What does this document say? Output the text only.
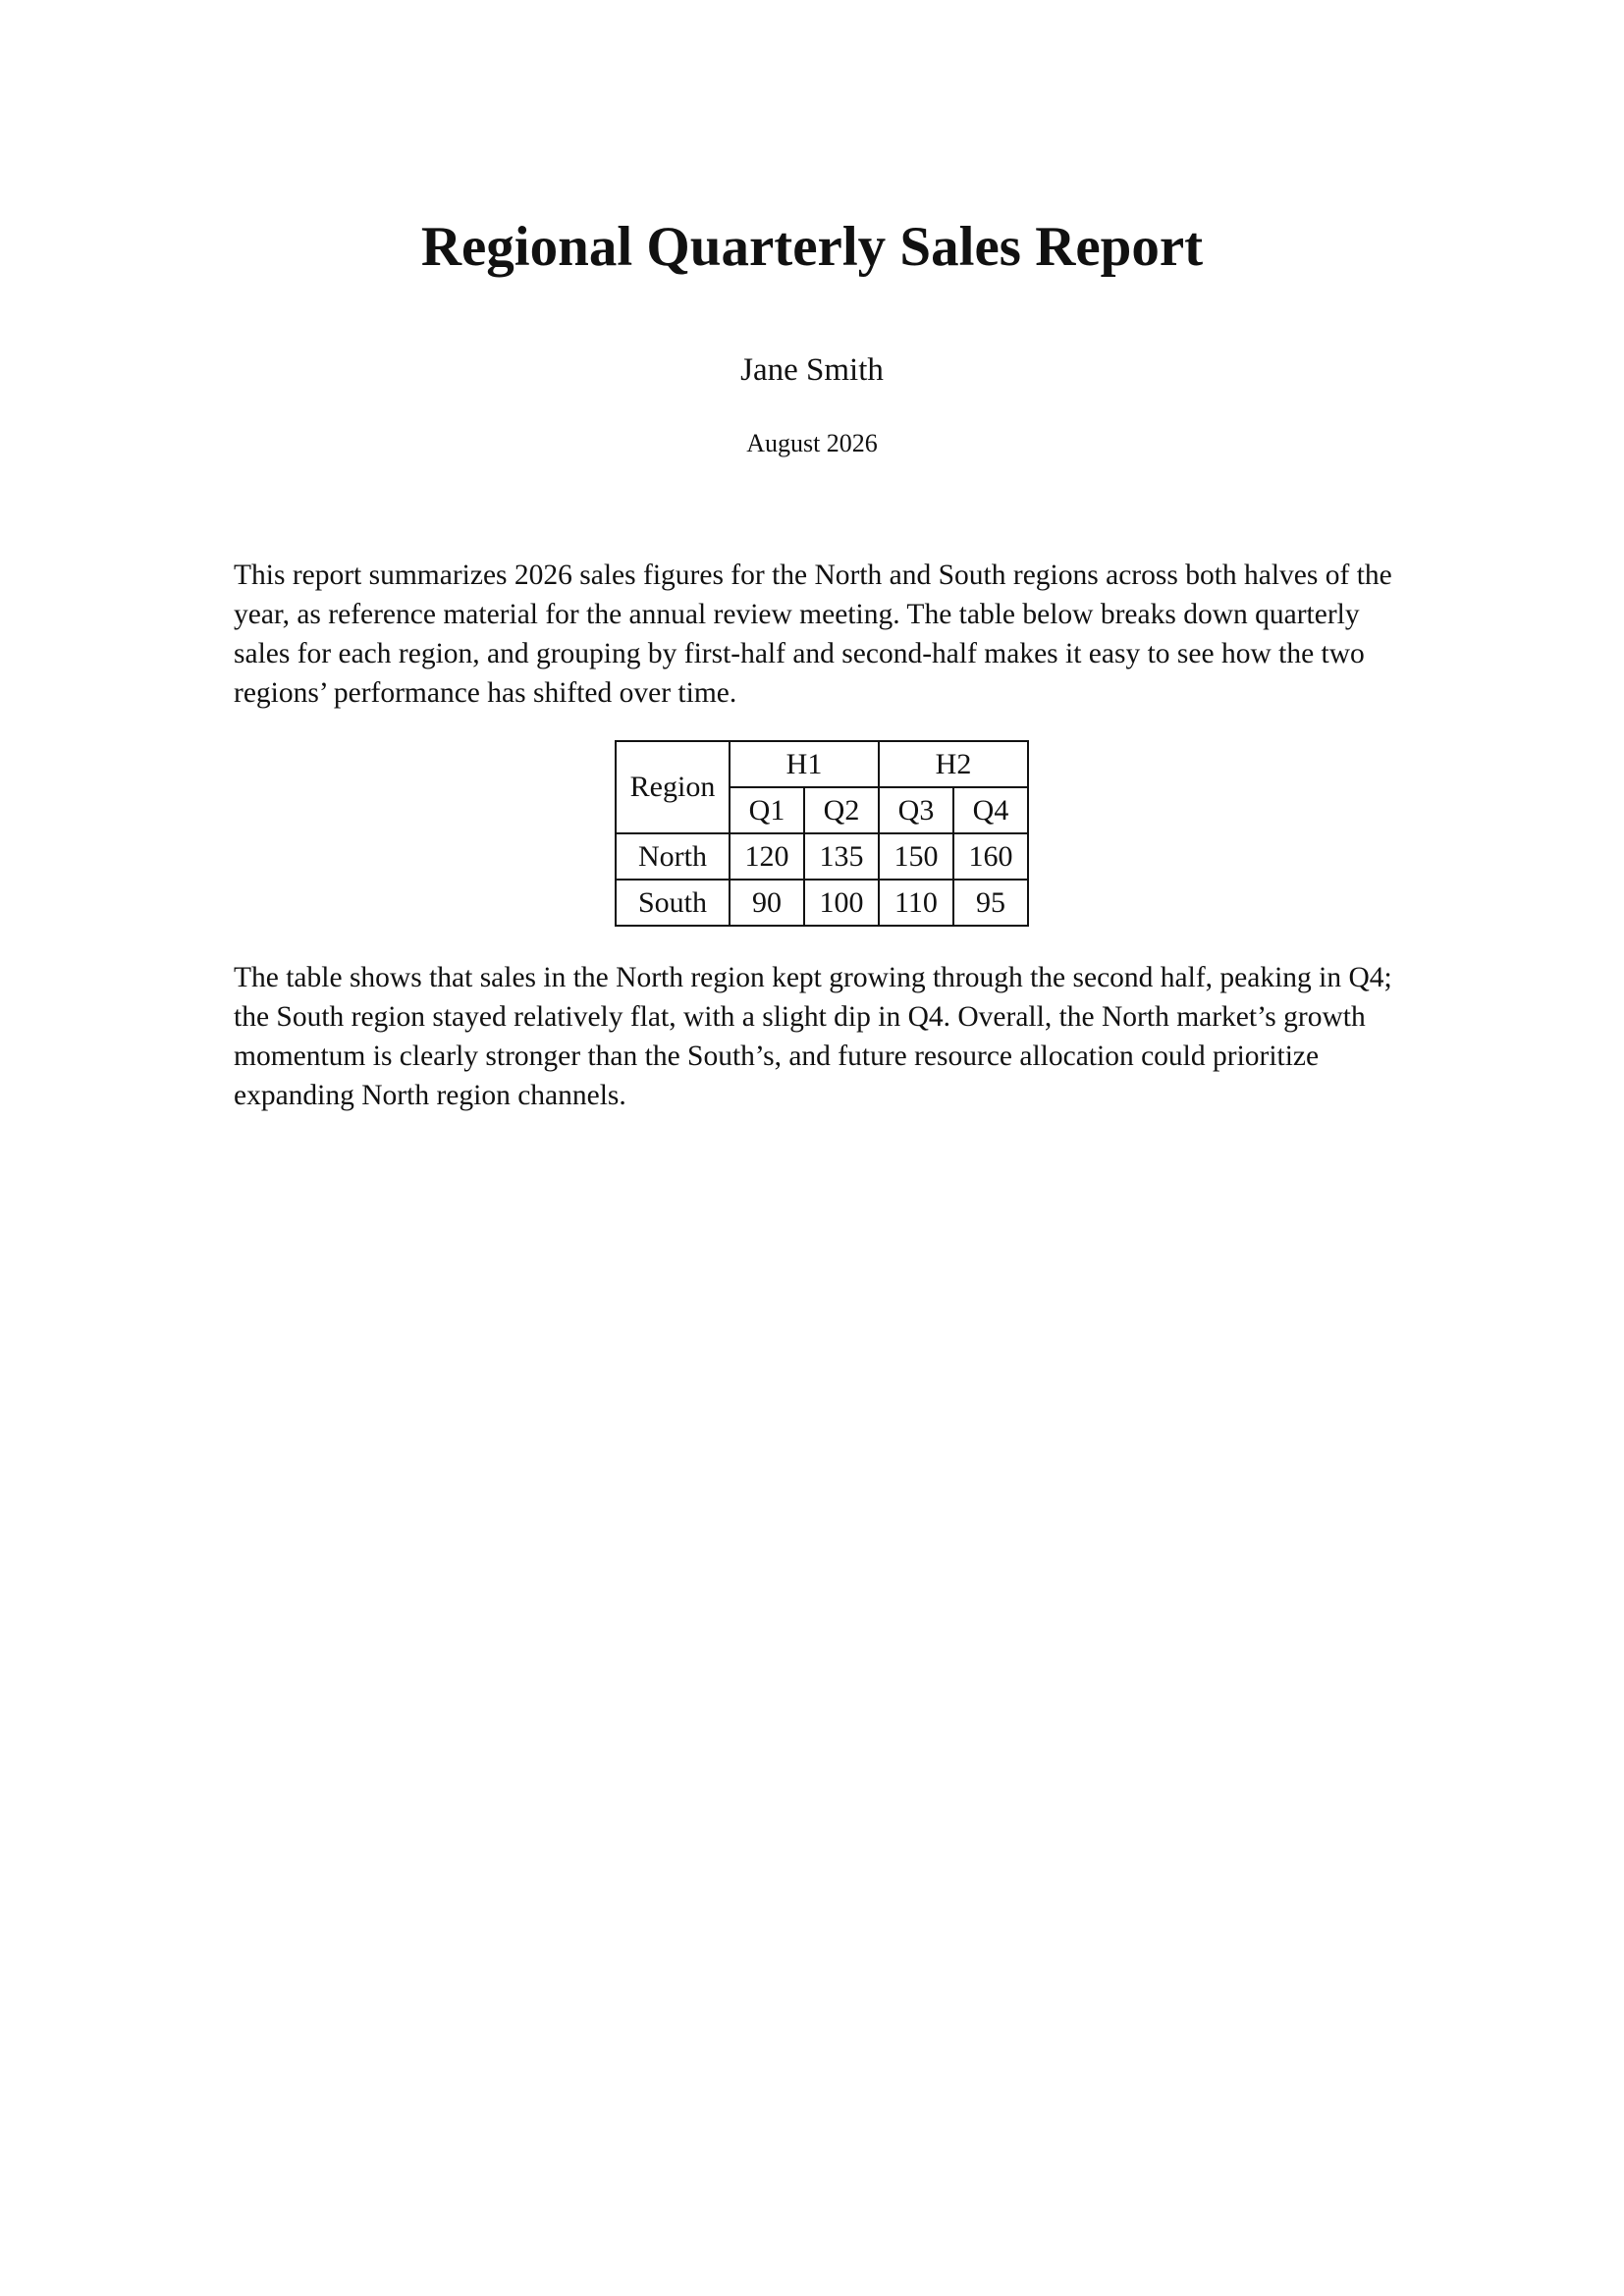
Regional Quarterly Sales Report
Jane Smith
August 2026

This report summarizes 2026 sales figures for the North and South regions across both halves of the year, as reference material for the annual review meeting. The table below breaks down quarterly sales for each region, and grouping by first-half and second-half makes it easy to see how the two regions’ performance has shifted over time.

Region	H1		H2	
	Q1	Q2	Q3	Q4
North	120	135	150	160
South	90	100	110	95

The table shows that sales in the North region kept growing through the second half, peaking in Q4; the South region stayed relatively flat, with a slight dip in Q4. Overall, the North market’s growth momentum is clearly stronger than the South’s, and future resource allocation could prioritize expanding North region channels.
